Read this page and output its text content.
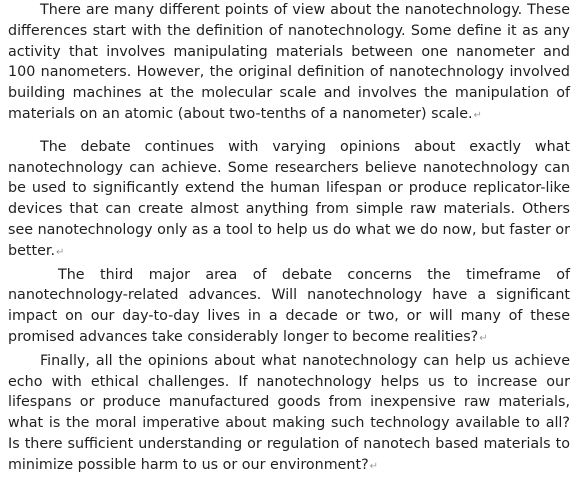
There are many different points of view about the nanotechnology. These differences start with the definition of nanotechnology. Some define it as any activity that involves manipulating materials between one nanometer and 100 nanometers. However, the original definition of nanotechnology involved building machines at the molecular scale and involves the manipulation of materials on an atomic (about two-tenths of a nanometer) scale.↵

The debate continues with varying opinions about exactly what nanotechnology can achieve. Some researchers believe nanotechnology can be used to significantly extend the human lifespan or produce replicator-like devices that can create almost anything from simple raw materials. Others see nanotechnology only as a tool to help us do what we do now, but faster or better.↵

The third major area of debate concerns the timeframe of nanotechnology-related advances. Will nanotechnology have a significant impact on our day-to-day lives in a decade or two, or will many of these promised advances take considerably longer to become realities?↵

Finally, all the opinions about what nanotechnology can help us achieve echo with ethical challenges. If nanotechnology helps us to increase our lifespans or produce manufactured goods from inexpensive raw materials, what is the moral imperative about making such technology available to all? Is there sufficient understanding or regulation of nanotech based materials to minimize possible harm to us or our environment?↵
